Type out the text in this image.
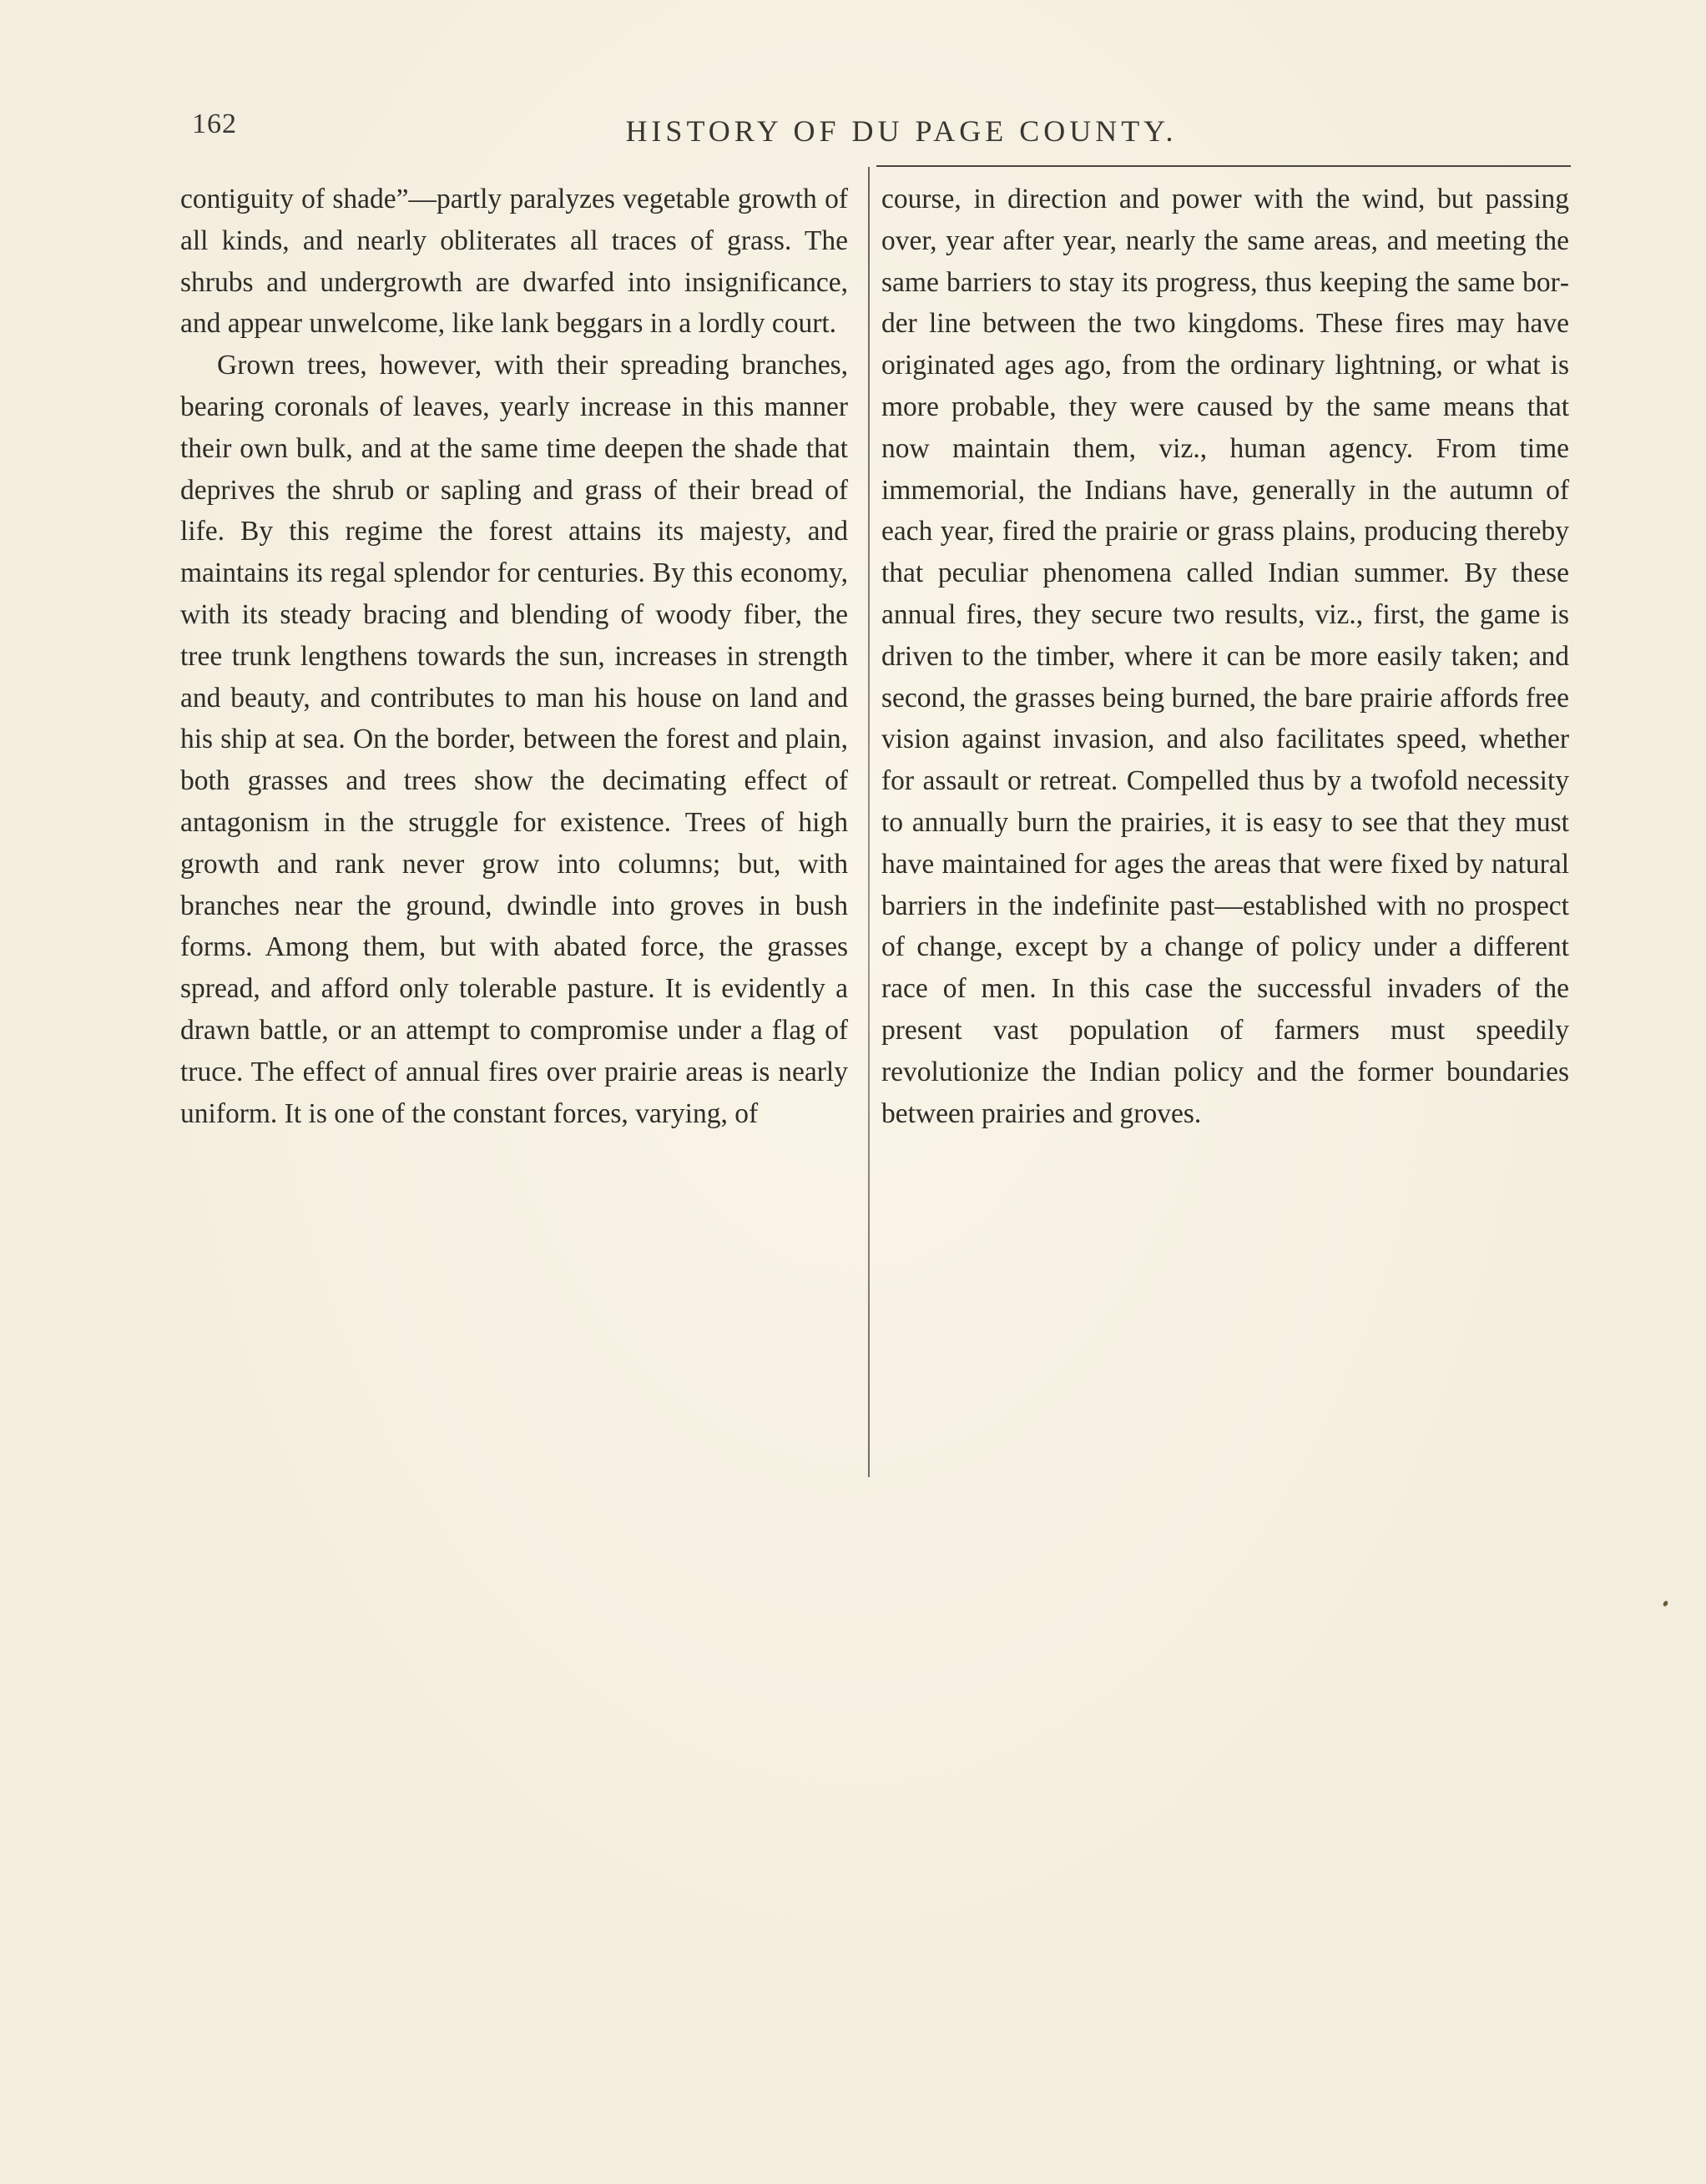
162	HISTORY OF DU PAGE COUNTY.

contiguity of shade”—partly paralyzes vegetable growth of all kinds, and nearly obliterates all traces of grass. The shrubs and undergrowth are dwarfed into insignificance, and appear unwelcome, like lank beggars in a lordly court.

Grown trees, however, with their spreading branches, bearing coronals of leaves, yearly increase in this manner their own bulk, and at the same time deepen the shade that deprives the shrub or sapling and grass of their bread of life. By this regime the forest attains its majesty, and maintains its regal splendor for centuries. By this economy, with its steady bracing and blending of woody fiber, the tree trunk lengthens towards the sun, increases in strength and beauty, and contributes to man his house on land and his ship at sea. On the border, between the forest and plain, both grasses and trees show the decimating effect of antagonism in the struggle for existence. Trees of high growth and rank never grow into columns; but, with branches near the ground, dwindle into groves in bush forms. Among them, but with abated force, the grasses spread, and afford only tolerable pasture. It is evidently a drawn battle, or an attempt to compromise under a flag of truce. The effect of annual fires over prairie areas is nearly uniform. It is one of the constant forces, varying, of

course, in direction and power with the wind, but passing over, year after year, nearly the same areas, and meeting the same barriers to stay its progress, thus keeping the same border line between the two kingdoms. These fires may have originated ages ago, from the ordinary lightning, or what is more probable, they were caused by the same means that now maintain them, viz., human agency. From time immemorial, the Indians have, generally in the autumn of each year, fired the prairie or grass plains, producing thereby that peculiar phenomena called Indian summer. By these annual fires, they secure two results, viz., first, the game is driven to the timber, where it can be more easily taken; and second, the grasses being burned, the bare prairie affords free vision against invasion, and also facilitates speed, whether for assault or retreat. Compelled thus by a twofold necessity to annually burn the prairies, it is easy to see that they must have maintained for ages the areas that were fixed by natural barriers in the indefinite past—established with no prospect of change, except by a change of policy under a different race of men. In this case the successful invaders of the present vast population of farmers must speedily revolutionize the Indian policy and the former boundaries between prairies and groves.
